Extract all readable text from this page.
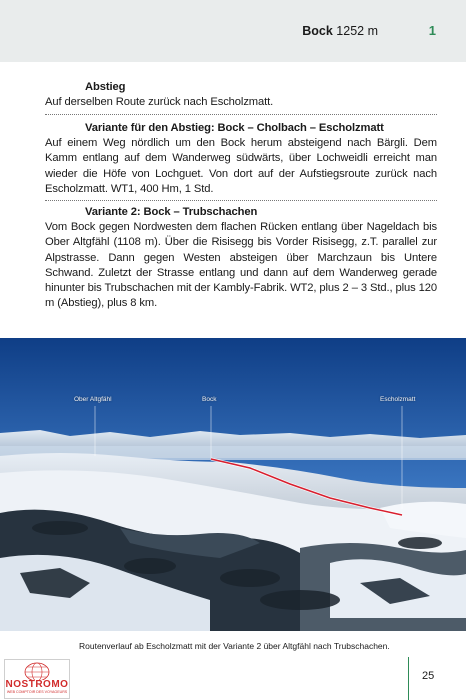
Bock 1252 m	1
Abstieg

Auf derselben Route zurück nach Escholzmatt.

Variante für den Abstieg: Bock – Cholbach – Escholzmatt

Auf einem Weg nördlich um den Bock herum absteigend nach Bärgli. Dem Kamm entlang auf dem Wanderweg südwärts, über Lochweidli erreicht man wieder die Höfe von Lochguet. Von dort auf der Aufstiegsroute zurück nach Escholzmatt. WT1, 400 Hm, 1 Std.

Variante 2: Bock – Trubschachen

Vom Bock gegen Nordwesten dem flachen Rücken entlang über Nageldach bis Ober Altgfähl (1108 m). Über die Risisegg bis Vorder Risisegg, z.T. parallel zur Alpstrasse. Dann gegen Westen absteigen über Marchzaun bis Untere Schwand. Zuletzt der Strasse entlang und dann auf dem Wanderweg gerade hinunter bis Trubschachen mit der Kambly-Fabrik. WT2, plus 2 – 3 Std., plus 120 m (Abstieg), plus 8 km.

Ober Altgfähl	Bock	Escholzmatt
Routenverlauf ab Escholzmatt mit der Variante 2 über Altgfähl nach Trubschachen.
NOSTROMO
WEB COMPTOIR DES VOYAGEURS
25
